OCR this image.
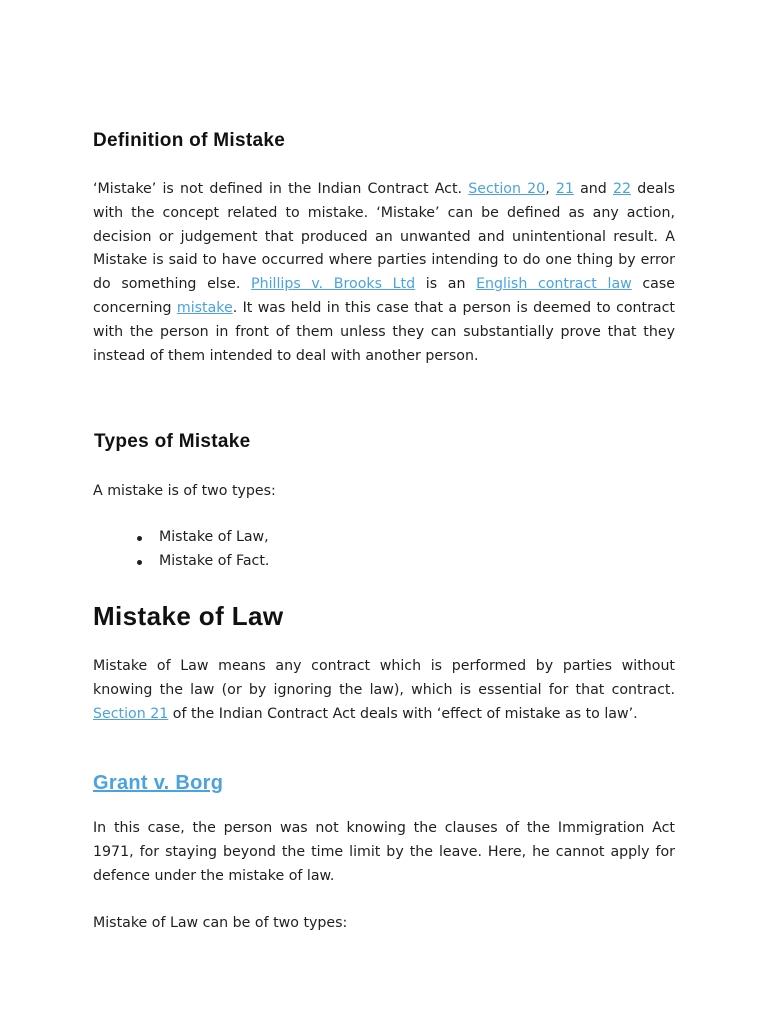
Definition of Mistake

‘Mistake’ is not defined in the Indian Contract Act. Section 20, 21 and 22 deals with the concept related to mistake. ‘Mistake’ can be defined as any action, decision or judgement that produced an unwanted and unintentional result. A Mistake is said to have occurred where parties intending to do one thing by error do something else. Phillips v. Brooks Ltd is an English contract law case concerning mistake. It was held in this case that a person is deemed to contract with the person in front of them unless they can substantially prove that they instead of them intended to deal with another person.

Types of Mistake

A mistake is of two types:

Mistake of Law,
Mistake of Fact.
Mistake of Law

Mistake of Law means any contract which is performed by parties without knowing the law (or by ignoring the law), which is essential for that contract. Section 21 of the Indian Contract Act deals with ‘effect of mistake as to law’.

Grant v. Borg

In this case, the person was not knowing the clauses of the Immigration Act 1971, for staying beyond the time limit by the leave. Here, he cannot apply for defence under the mistake of law.

Mistake of Law can be of two types:
